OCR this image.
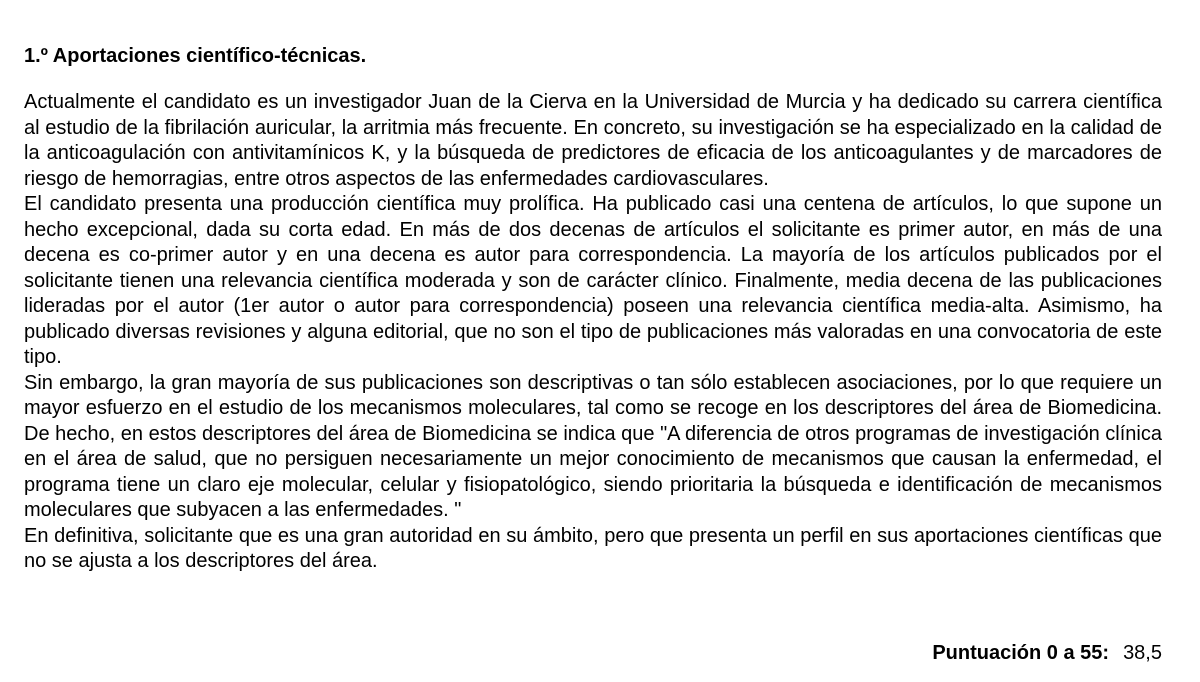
1.º Aportaciones científico-técnicas.

Actualmente el candidato es un investigador Juan de la Cierva en la Universidad de Murcia y ha dedicado su carrera científica al estudio de la fibrilación auricular, la arritmia más frecuente. En concreto, su investigación se ha especializado en la calidad de la anticoagulación con antivitamínicos K, y la búsqueda de predictores de eficacia de los anticoagulantes y de marcadores de riesgo de hemorragias, entre otros aspectos de las enfermedades cardiovasculares.

El candidato presenta una producción científica muy prolífica. Ha publicado casi una centena de artículos, lo que supone un hecho excepcional, dada su corta edad. En más de dos decenas de artículos el solicitante es primer autor, en más de una decena es co-primer autor y en una decena es autor para correspondencia. La mayoría de los artículos publicados por el solicitante tienen una relevancia científica moderada y son de carácter clínico. Finalmente, media decena de las publicaciones lideradas por el autor (1er autor o autor para correspondencia) poseen una relevancia científica media-alta. Asimismo, ha publicado diversas revisiones y alguna editorial, que no son el tipo de publicaciones más valoradas en una convocatoria de este tipo.

Sin embargo, la gran mayoría de sus publicaciones son descriptivas o tan sólo establecen asociaciones, por lo que requiere un mayor esfuerzo en el estudio de los mecanismos moleculares, tal como se recoge en los descriptores del área de Biomedicina. De hecho, en estos descriptores del área de Biomedicina se indica que "A diferencia de otros programas de investigación clínica en el área de salud, que no persiguen necesariamente un mejor conocimiento de mecanismos que causan la enfermedad, el programa tiene un claro eje molecular, celular y fisiopatológico, siendo prioritaria la búsqueda e identificación de mecanismos moleculares que subyacen a las enfermedades. "

En definitiva, solicitante que es una gran autoridad en su ámbito, pero que presenta un perfil en sus aportaciones científicas que no se ajusta a los descriptores del área.

Puntuación 0 a 55: 38,5
